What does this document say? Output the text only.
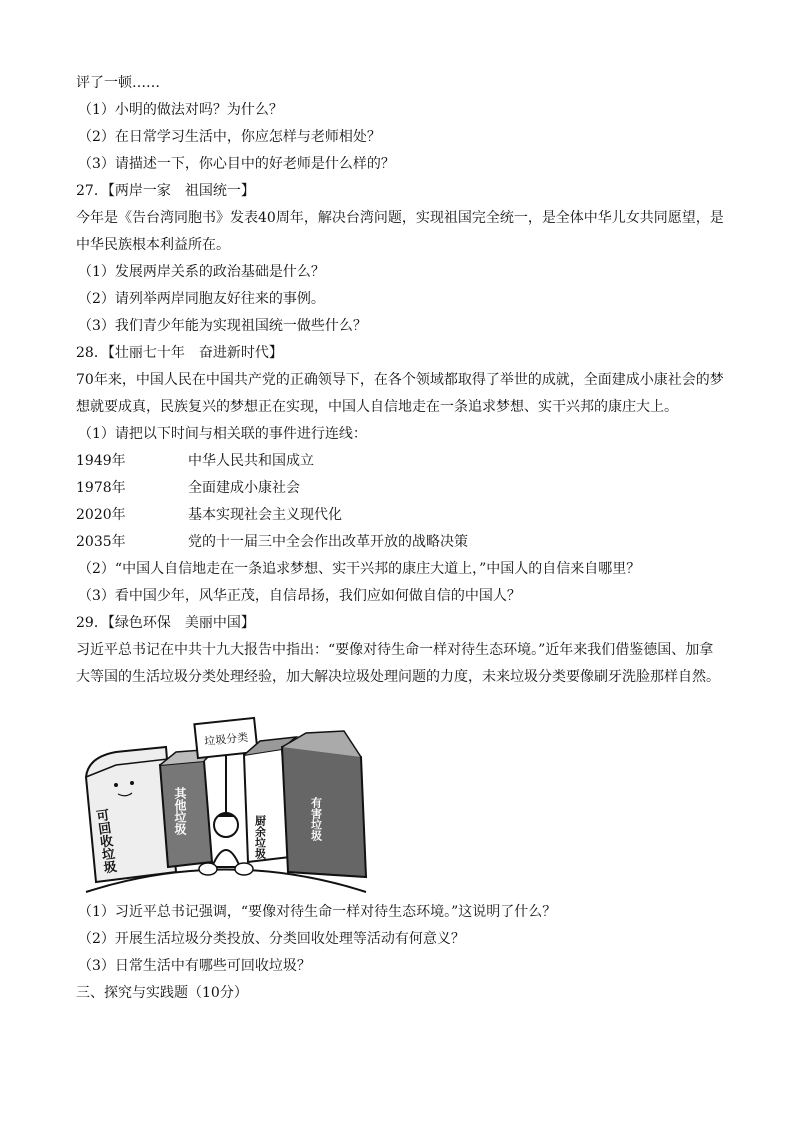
评了一顿……
（1）小明的做法对吗？为什么？
（2）在日常学习生活中，你应怎样与老师相处？
（3）请描述一下，你心目中的好老师是什么样的？
27．【两岸一家　祖国统一】

今年是《告台湾同胞书》发表40周年，解决台湾问题，实现祖国完全统一，是全体中华儿女共同愿望，是中华民族根本利益所在。

（1）发展两岸关系的政治基础是什么？
（2）请列举两岸同胞友好往来的事例。
（3）我们青少年能为实现祖国统一做些什么？
28．【壮丽七十年　奋进新时代】

70年来，中国人民在中国共产党的正确领导下，在各个领域都取得了举世的成就，全面建成小康社会的梦想就要成真，民族复兴的梦想正在实现，中国人自信地走在一条追求梦想、实干兴邦的康庄大上。

（1）请把以下时间与相关联的事件进行连线：
1949年	中华人民共和国成立
1978年	全面建成小康社会
2020年	基本实现社会主义现代化
2035年	党的十一届三中全会作出改革开放的战略决策
（2）“中国人自信地走在一条追求梦想、实干兴邦的康庄大道上，”中国人的自信来自哪里？
（3）看中国少年，风华正茂，自信昂扬，我们应如何做自信的中国人？
29．【绿色环保　美丽中国】

习近平总书记在中共十九大报告中指出：“要像对待生命一样对待生态环境。”近年来我们借鉴德国、加拿大等国的生活垃圾分类处理经验，加大解决垃圾处理问题的力度，未来垃圾分类要像刷牙洗脸那样自然。

可回收垃圾	其他垃圾
垃圾分类
厨余垃圾	有害垃圾
（1）习近平总书记强调，“要像对待生命一样对待生态环境。”这说明了什么？
（2）开展生活垃圾分类投放、分类回收处理等活动有何意义？
（3）日常生活中有哪些可回收垃圾？
三、探究与实践题（10分）
